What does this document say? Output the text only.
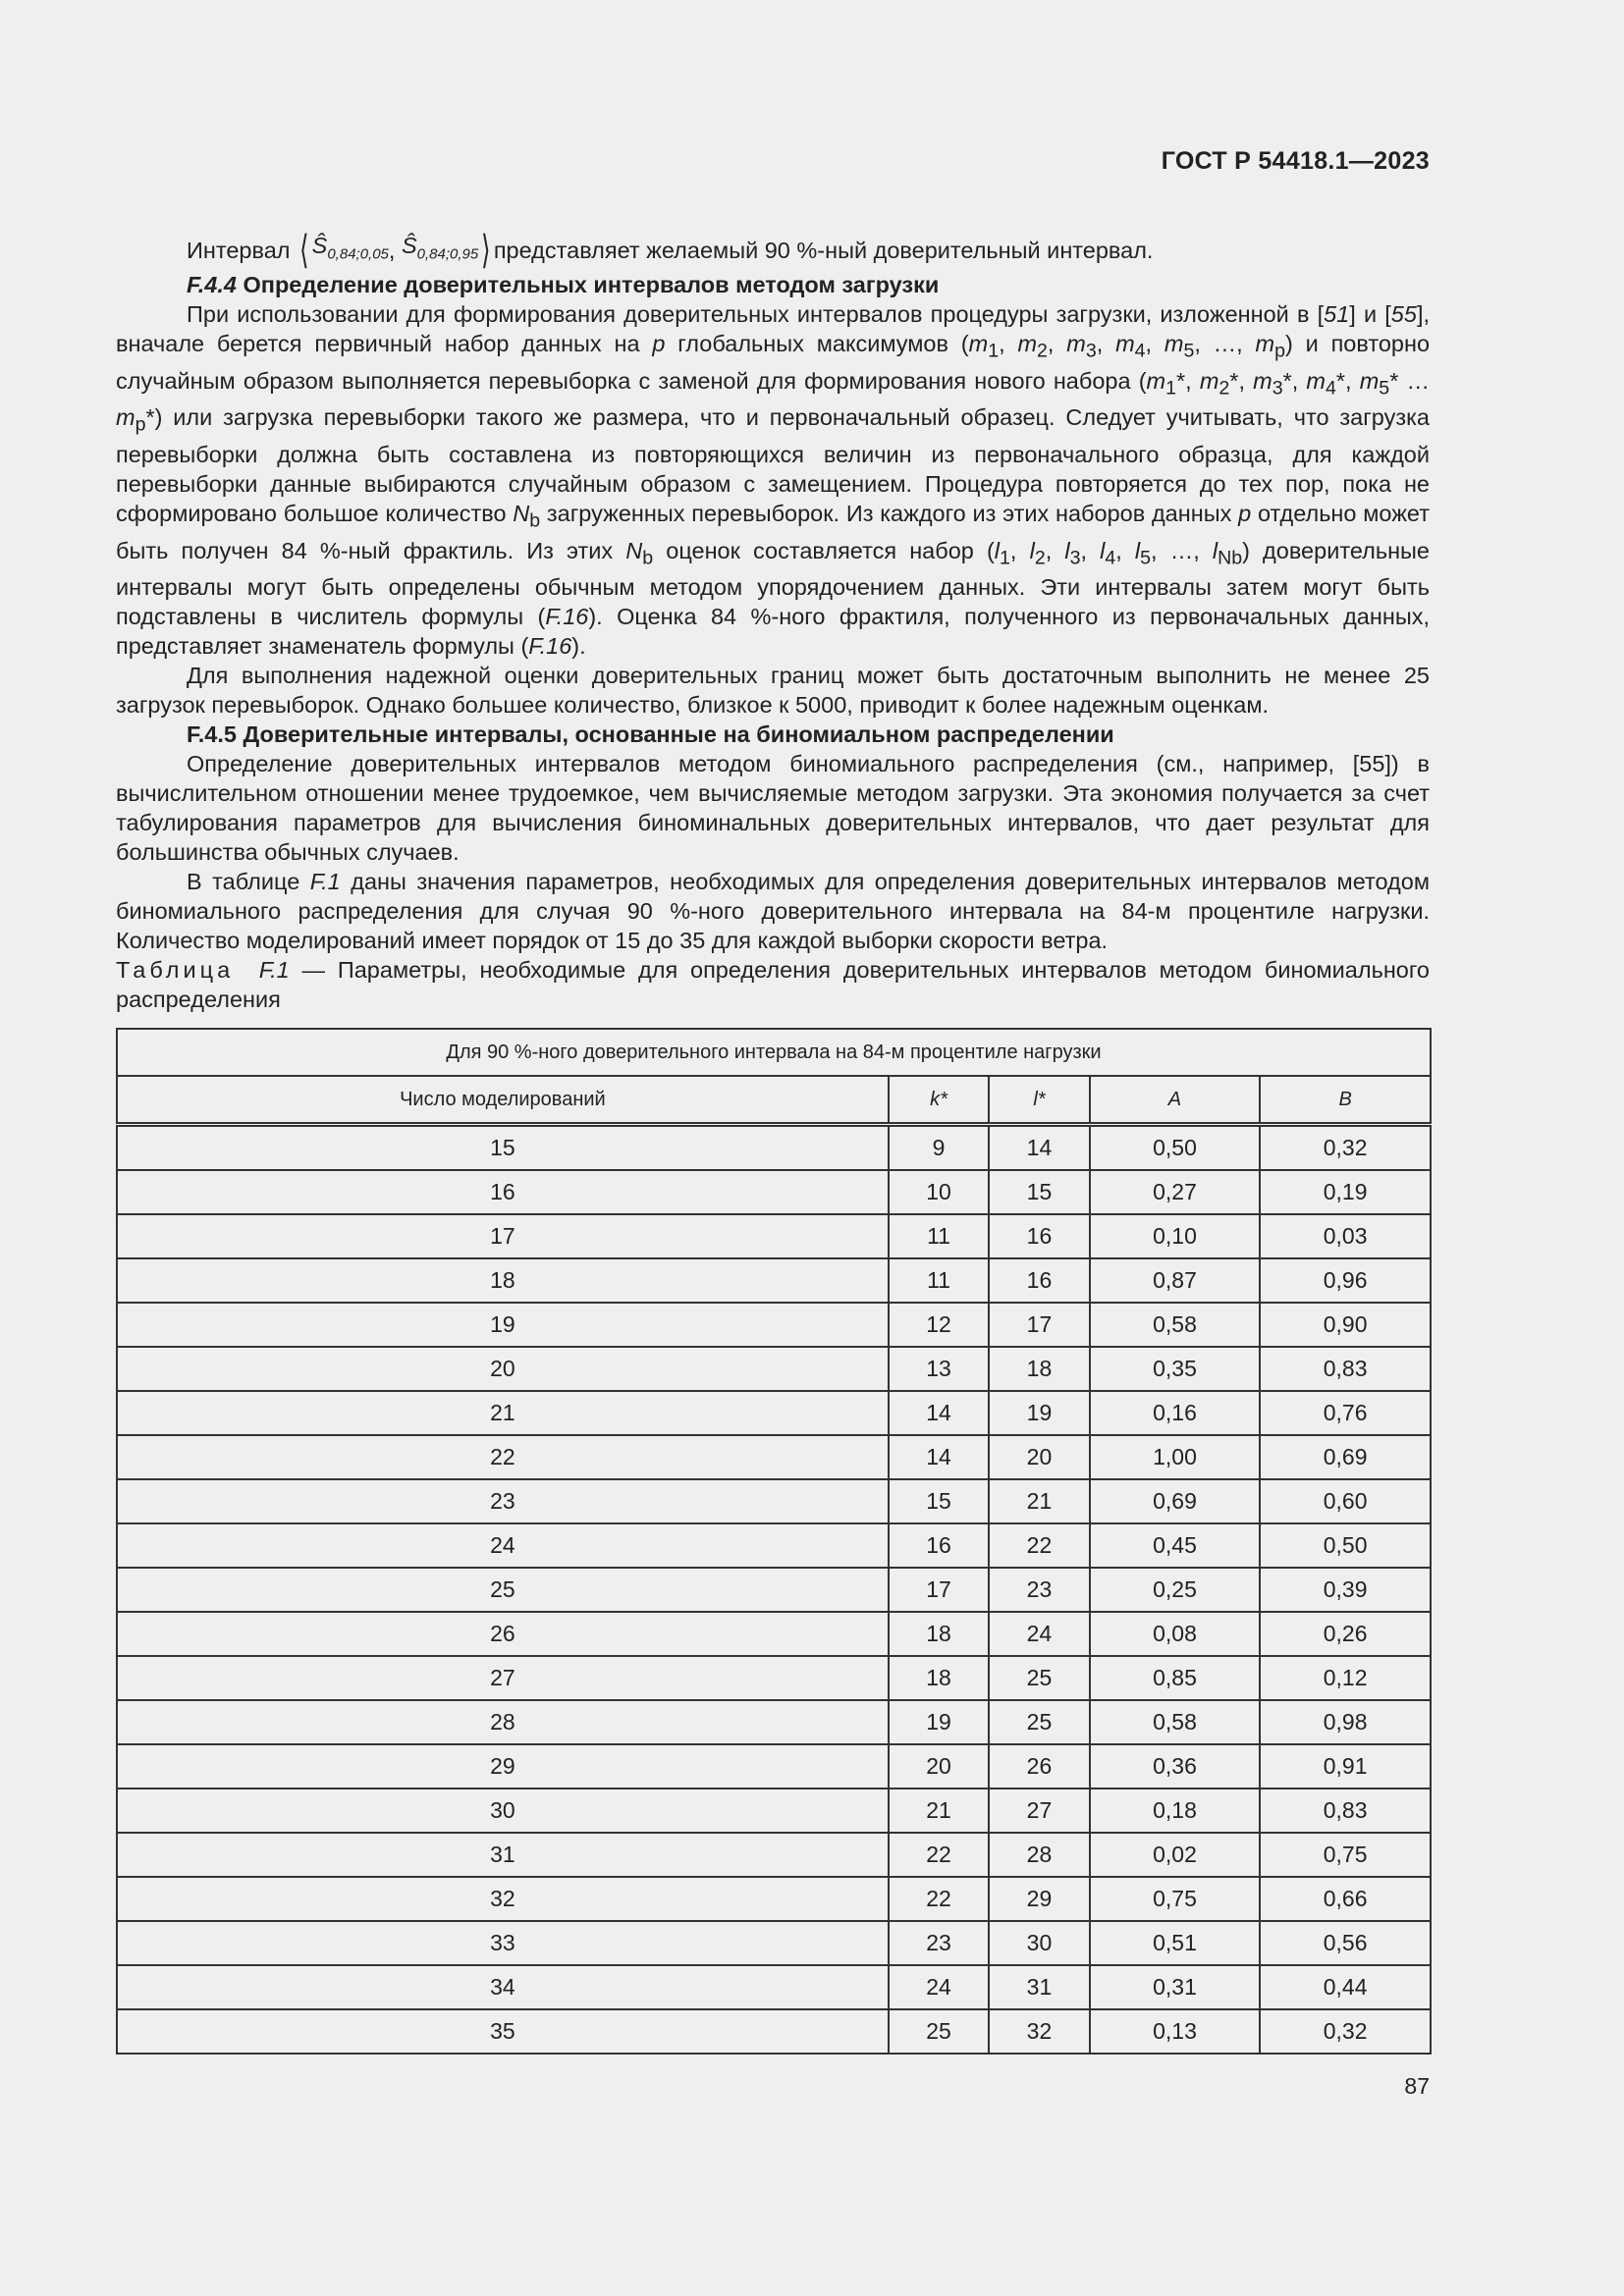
ГОСТ Р 54418.1—2023
Интервал
⟨ $S_{0,84;0,05}$ , $S_{0,84;0,95}$ ⟩ представляет желаемый 90 %-ный доверительный интервал.

F.4.4 Определение доверительных интервалов методом загрузки

При использовании для формирования доверительных интервалов процедуры загрузки, изложенной в [51] и [55], вначале берется первичный набор данных на p глобальных максимумов ($m_1$, $m_2$, $m_3$, $m_4$, $m_5$, …, $m_p$) и повторно случайным образом выполняется перевыборка с заменой для формирования нового набора ($m_1*$, $m_2*$, $m_3*$, $m_4*$, $m_5*$ … $m_p*$) или загрузка перевыборки такого же размера, что и первоначальный образец. Следует учитывать, что загрузка перевыборки должна быть составлена из повторяющихся величин из первоначального образца, для каждой перевыборки данные выбираются случайным образом с замещением. Процедура повторяется до тех пор, пока не сформировано большое количество $N_b$ загруженных перевыборок. Из каждого из этих наборов данных p отдельно может быть получен 84 %-ный фрактиль. Из этих $N_b$ оценок составляется набор ($l_1$, $l_2$, $l_3$, $l_4$, $l_5$, …, $l_{Nb}$) доверительные интервалы могут быть определены обычным методом упорядочением данных. Эти интервалы затем могут быть подставлены в числитель формулы (F.16). Оценка 84 %-ного фрактиля, полученного из первоначальных данных, представляет знаменатель формулы (F.16).

Для выполнения надежной оценки доверительных границ может быть достаточным выполнить не менее 25 загрузок перевыборок. Однако большее количество, близкое к 5000, приводит к более надежным оценкам.

F.4.5 Доверительные интервалы, основанные на биномиальном распределении

Определение доверительных интервалов методом биномиального распределения (см., например, [55]) в вычислительном отношении менее трудоемкое, чем вычисляемые методом загрузки. Эта экономия получается за счет табулирования параметров для вычисления биноминальных доверительных интервалов, что дает результат для большинства обычных случаев.

В таблице F.1 даны значения параметров, необходимых для определения доверительных интервалов методом биномиального распределения для случая 90 %-ного доверительного интервала на 84-м процентиле нагрузки. Количество моделирований имеет порядок от 15 до 35 для каждой выборки скорости ветра.

Таблица F.1 — Параметры, необходимые для определения доверительных интервалов методом биномиального распределения

Для 90 %-ного доверительного интервала на 84-м процентиле нагрузки				
Число моделирований	k*	l*	A	B
15	9	14	0,50	0,32
16	10	15	0,27	0,19
17	11	16	0,10	0,03
18	11	16	0,87	0,96
19	12	17	0,58	0,90
20	13	18	0,35	0,83
21	14	19	0,16	0,76
22	14	20	1,00	0,69
23	15	21	0,69	0,60
24	16	22	0,45	0,50
25	17	23	0,25	0,39
26	18	24	0,08	0,26
27	18	25	0,85	0,12
28	19	25	0,58	0,98
29	20	26	0,36	0,91
30	21	27	0,18	0,83
31	22	28	0,02	0,75
32	22	29	0,75	0,66
33	23	30	0,51	0,56
34	24	31	0,31	0,44
35	25	32	0,13	0,32
87
